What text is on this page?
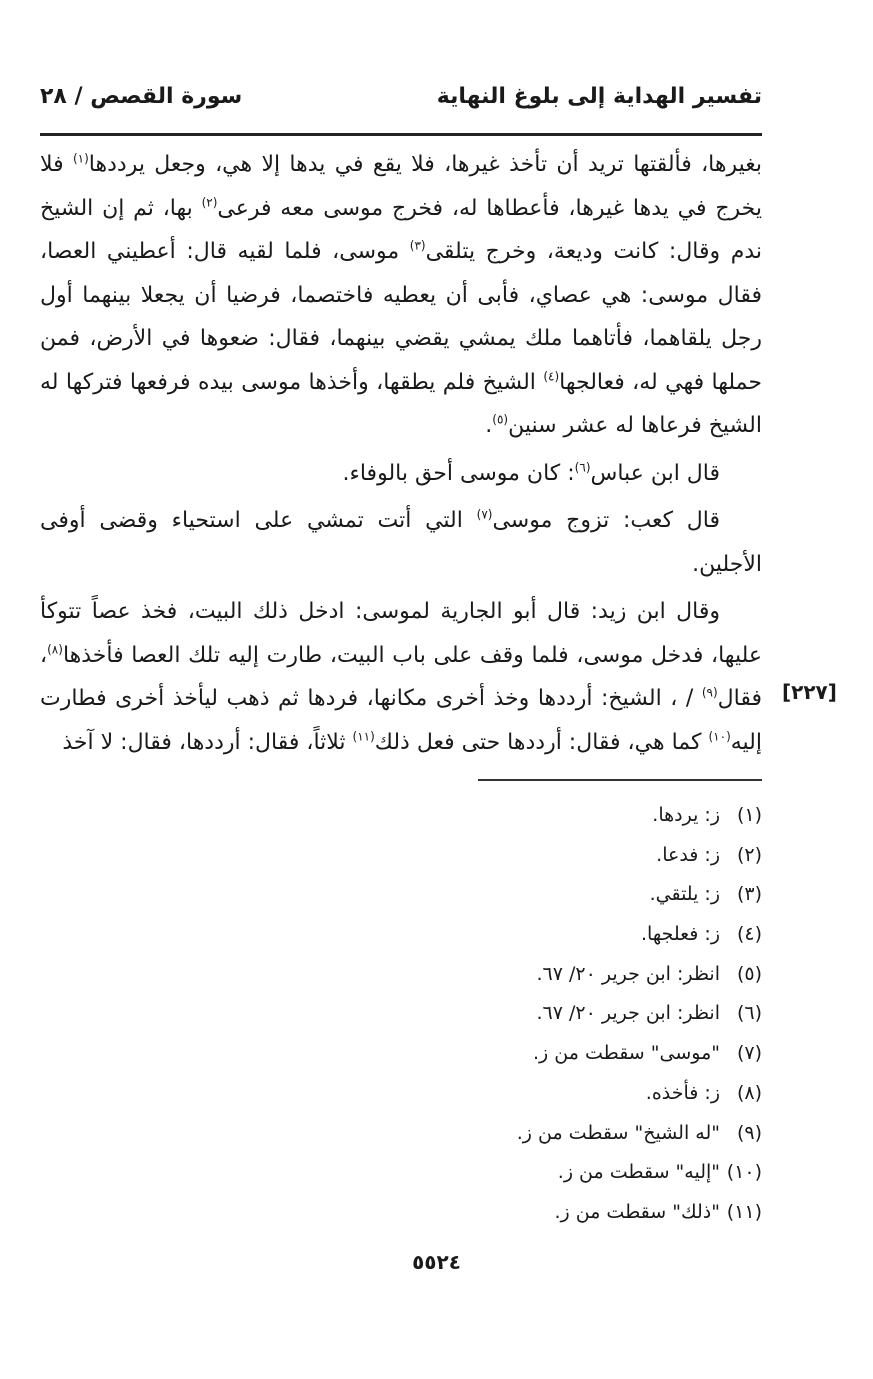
تفسير الهداية إلى بلوغ النهاية
سورة القصص / ٢٨

بغيرها، فألقتها تريد أن تأخذ غيرها، فلا يقع في يدها إلا هي، وجعل يرددها$^{(١)}$ فلا يخرج في يدها غيرها، فأعطاها له، فخرج موسى معه فرعى$^{(٢)}$ بها، ثم إن الشيخ ندم وقال: كانت وديعة، وخرج يتلقى$^{(٣)}$ موسى، فلما لقيه قال: أعطيني العصا، فقال موسى: هي عصاي، فأبى أن يعطيه فاختصما، فرضيا أن يجعلا بينهما أول رجل يلقاهما، فأتاهما ملك يمشي يقضي بينهما، فقال: ضعوها في الأرض، فمن حملها فهي له، فعالجها$^{(٤)}$ الشيخ فلم يطقها، وأخذها موسى بيده فرفعها فتركها له الشيخ فرعاها له عشر سنين$^{(٥)}$.

قال ابن عباس$^{(٦)}$: كان موسى أحق بالوفاء.

قال كعب: تزوج موسى$^{(٧)}$ التي أتت تمشي على استحياء وقضى أوفى الأجلين.

وقال ابن زيد: قال أبو الجارية لموسى: ادخل ذلك البيت، فخذ عصاً تتوكأ عليها، فدخل موسى، فلما وقف على باب البيت، طارت إليه تلك العصا فأخذها$^{(٨)}$، فقال$^{(٩)}$ / ، الشيخ: أرددها وخذ أخرى مكانها، فردها ثم ذهب ليأخذ أخرى فطارت إليه$^{(١٠)}$ كما هي، فقال: أرددها حتى فعل ذلك$^{(١١)}$ ثلاثاً، فقال: أرددها، فقال: لا آخذ

[٢٢٧]
(١)ز: يردها.
(٢)ز: فدعا.
(٣)ز: يلتقي.
(٤)ز: فعلجها.
(٥)انظر: ابن جرير ٢٠/ ٦٧.
(٦)انظر: ابن جرير ٢٠/ ٦٧.
(٧)"موسى" سقطت من ز.
(٨)ز: فأخذه.
(٩)"له الشيخ" سقطت من ز.
(١٠)"إليه" سقطت من ز.
(١١)"ذلك" سقطت من ز.
٥٥٢٤
